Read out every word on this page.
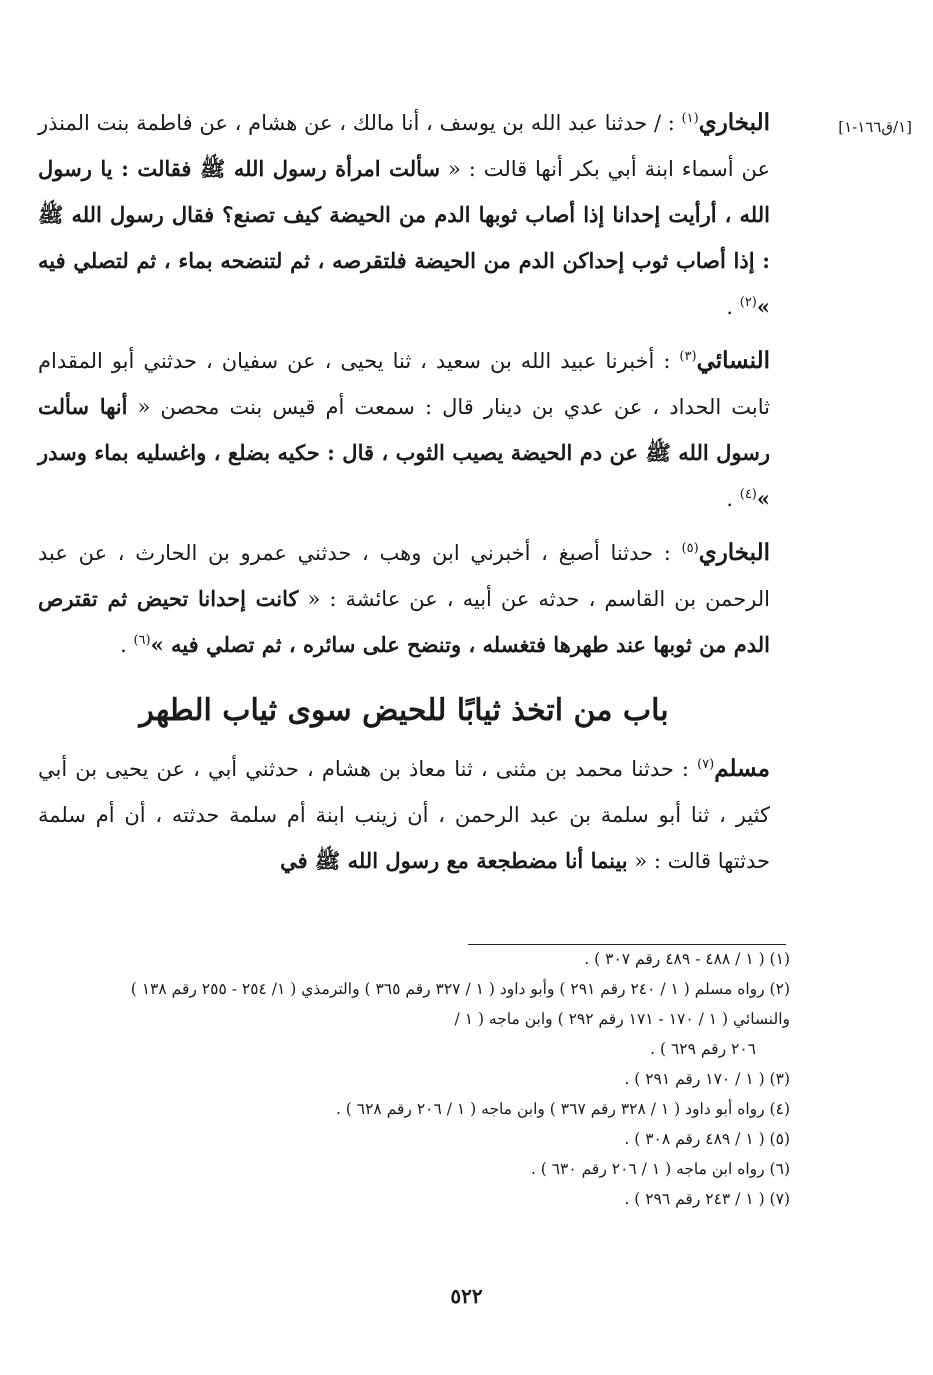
[١/ق١٦٦-١]

البخاري$^{(١)}$ : / حدثنا عبد الله بن يوسف ، أنا مالك ، عن هشام ، عن فاطمة بنت المنذر عن أسماء ابنة أبي بكر أنها قالت : « سألت امرأة رسول الله ﷺ فقالت : يا رسول الله ، أرأيت إحدانا إذا أصاب ثوبها الدم من الحيضة كيف تصنع؟ فقال رسول الله ﷺ : إذا أصاب ثوب إحداكن الدم من الحيضة فلتقرصه ، ثم لتنضحه بماء ، ثم لتصلي فيه »$^{(٢)}$ .

النسائي$^{(٣)}$ : أخبرنا عبيد الله بن سعيد ، ثنا يحيى ، عن سفيان ، حدثني أبو المقدام ثابت الحداد ، عن عدي بن دينار قال : سمعت أم قيس بنت محصن « أنها سألت رسول الله ﷺ عن دم الحيضة يصيب الثوب ، قال : حكيه بضلع ، واغسليه بماء وسدر »$^{(٤)}$ .

البخاري$^{(٥)}$ : حدثنا أصبغ ، أخبرني ابن وهب ، حدثني عمرو بن الحارث ، عن عبد الرحمن بن القاسم ، حدثه عن أبيه ، عن عائشة : « كانت إحدانا تحيض ثم تقترص الدم من ثوبها عند طهرها فتغسله ، وتنضح على سائره ، ثم تصلي فيه »$^{(٦)}$ .

باب من اتخذ ثيابًا للحيض سوى ثياب الطهر

مسلم$^{(٧)}$ : حدثنا محمد بن مثنى ، ثنا معاذ بن هشام ، حدثني أبي ، عن يحيى بن أبي كثير ، ثنا أبو سلمة بن عبد الرحمن ، أن زينب ابنة أم سلمة حدثته ، أن أم سلمة حدثتها قالت : « بينما أنا مضطجعة مع رسول الله ﷺ في

(١) ( ١ / ٤٨٨ - ٤٨٩ رقم ٣٠٧ ) .

(٢) رواه مسلم ( ١ / ٢٤٠ رقم ٢٩١ ) وأبو داود ( ١ / ٣٢٧ رقم ٣٦٥ ) والترمذي ( ١/ ٢٥٤ - ٢٥٥ رقم ١٣٨ ) والنسائي ( ١ / ١٧٠ - ١٧١ رقم ٢٩٢ ) وابن ماجه ( ١ /

٢٠٦ رقم ٦٢٩ ) .

(٣) ( ١ / ١٧٠ رقم ٢٩١ ) .

(٤) رواه أبو داود ( ١ / ٣٢٨ رقم ٣٦٧ ) وابن ماجه ( ١ / ٢٠٦ رقم ٦٢٨ ) .

(٥) ( ١ / ٤٨٩ رقم ٣٠٨ ) .

(٦) رواه ابن ماجه ( ١ / ٢٠٦ رقم ٦٣٠ ) .

(٧) ( ١ / ٢٤٣ رقم ٢٩٦ ) .

٥٢٢
